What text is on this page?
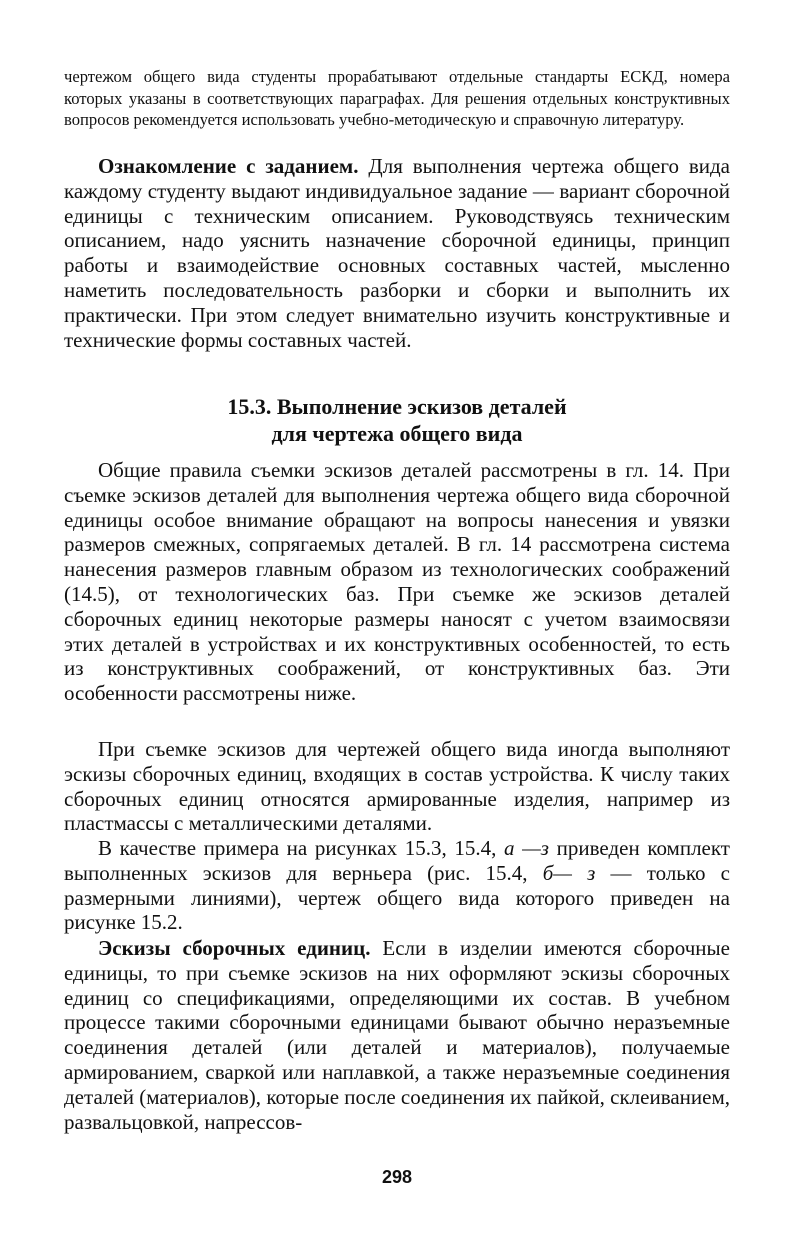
чертежом общего вида студенты прорабатывают отдельные стандарты ЕСКД, номера которых указаны в соответствующих параграфах. Для решения отдельных конструктивных вопросов рекомендуется использовать учебно-методическую и справочную литературу.

Ознакомление с заданием. Для выполнения чертежа общего вида каждому студенту выдают индивидуальное задание — вариант сборочной единицы с техническим описанием. Руководствуясь техническим описанием, надо уяснить назначение сборочной единицы, принцип работы и взаимодействие основных составных частей, мысленно наметить последовательность разборки и сборки и выполнить их практически. При этом следует внимательно изучить конструктивные и технические формы составных частей.

15.3. Выполнение эскизов деталей
для чертежа общего вида

Общие правила съемки эскизов деталей рассмотрены в гл. 14. При съемке эскизов деталей для выполнения чертежа общего вида сборочной единицы особое внимание обращают на вопросы нанесения и увязки размеров смежных, сопрягаемых деталей. В гл. 14 рассмотрена система нанесения размеров главным образом из технологических соображений (14.5), от технологических баз. При съемке же эскизов деталей сборочных единиц некоторые размеры наносят с учетом взаимосвязи этих деталей в устройствах и их конструктивных особенностей, то есть из конструктивных соображений, от конструктивных баз. Эти особенности рассмотрены ниже.

При съемке эскизов для чертежей общего вида иногда выполняют эскизы сборочных единиц, входящих в состав устройства. К числу таких сборочных единиц относятся армированные изделия, например из пластмассы с металлическими деталями.

В качестве примера на рисунках 15.3, 15.4, а —з приведен комплект выполненных эскизов для верньера (рис. 15.4, б— з — только с размерными линиями), чертеж общего вида которого приведен на рисунке 15.2.

Эскизы сборочных единиц. Если в изделии имеются сборочные единицы, то при съемке эскизов на них оформляют эскизы сборочных единиц со спецификациями, определяющими их состав. В учебном процессе такими сборочными единицами бывают обычно неразъемные соединения деталей (или деталей и материалов), получаемые армированием, сваркой или наплавкой, а также неразъемные соединения деталей (материалов), которые после соединения их пайкой, склеиванием, развальцовкой, напрессов-

298
